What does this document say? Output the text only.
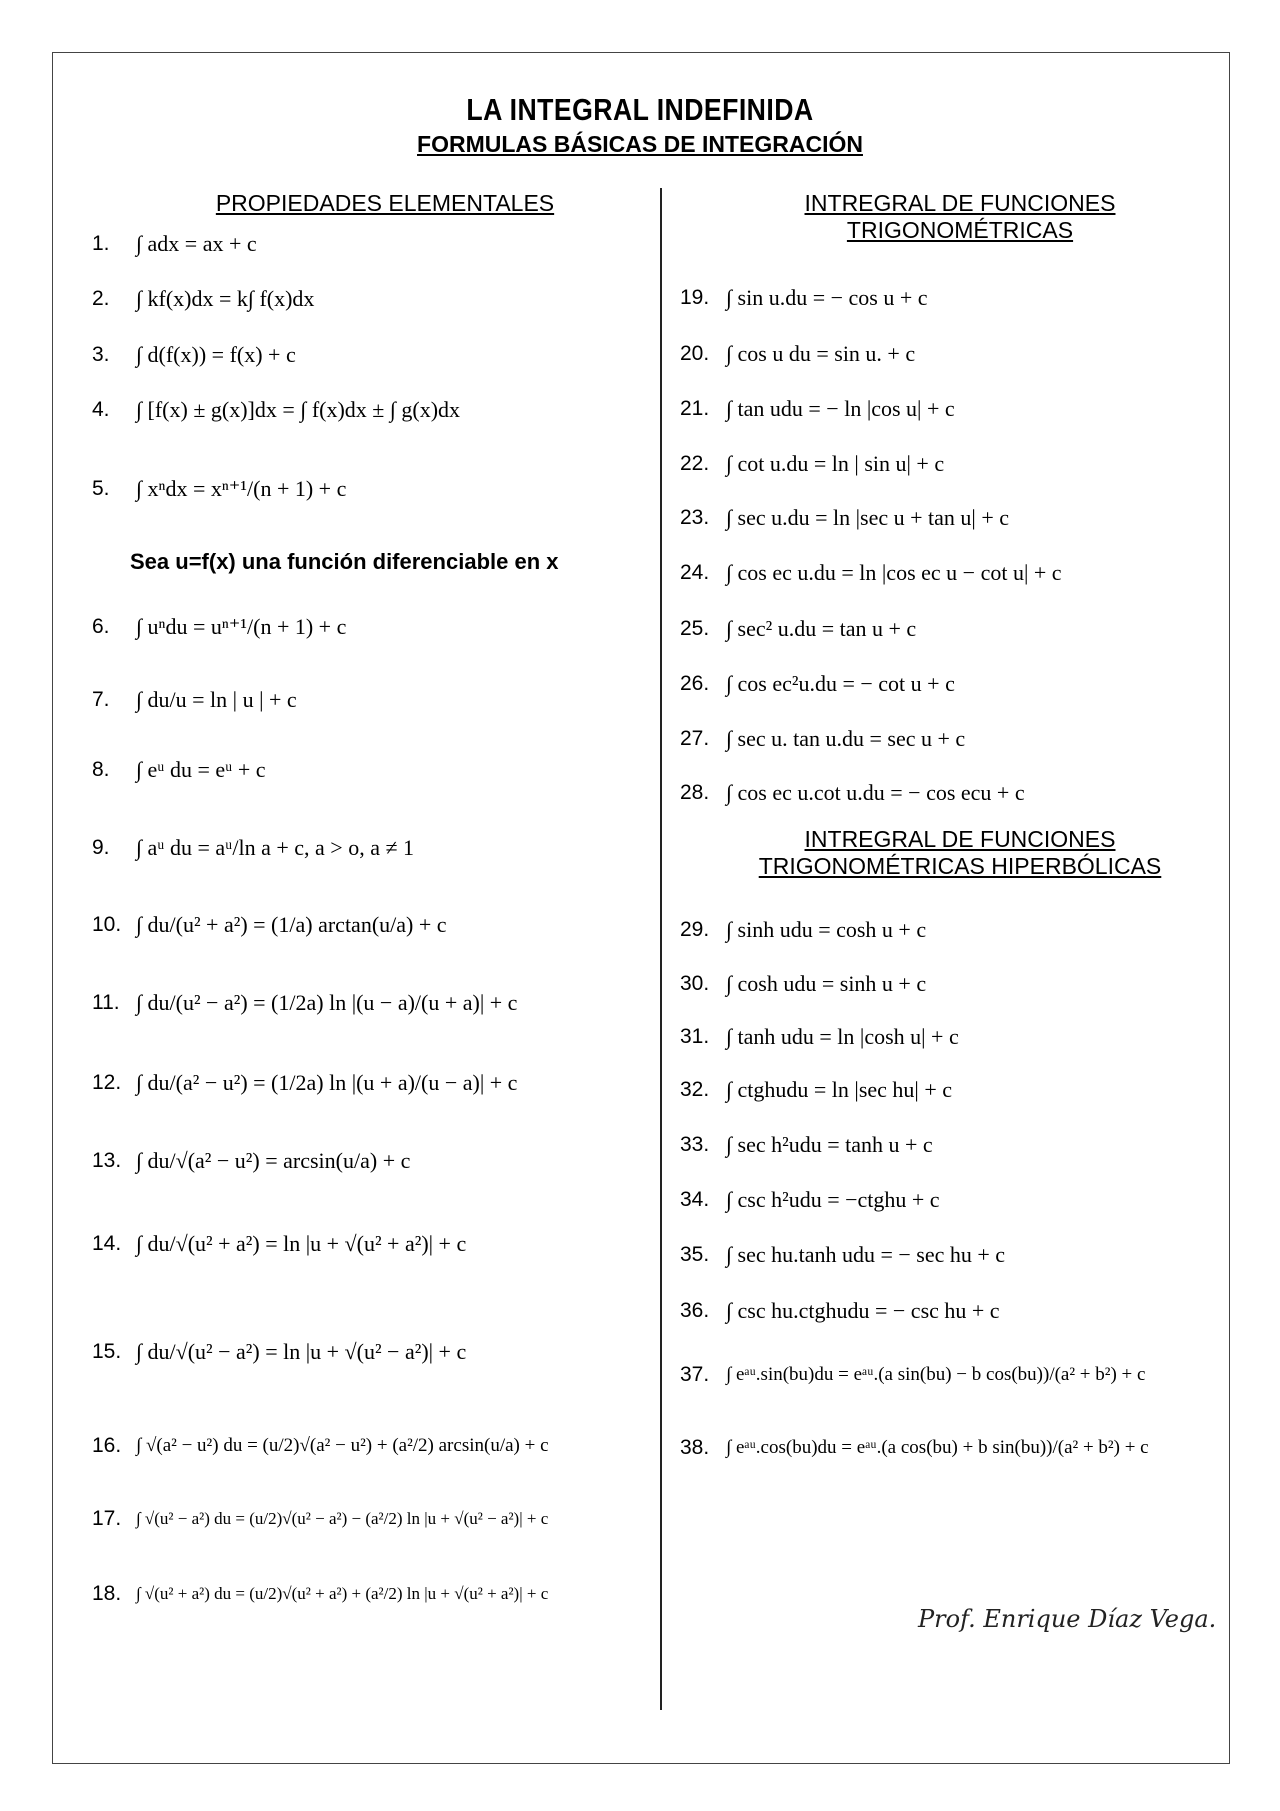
LA INTEGRAL INDEFINIDA
FORMULAS BÁSICAS DE INTEGRACIÓN
PROPIEDADES ELEMENTALES	INTREGRAL DE FUNCIONES
TRIGONOMÉTRICAS
INTREGRAL DE FUNCIONES
TRIGONOMÉTRICAS HIPERBÓLICAS
Sea u=f(x) una función diferenciable en x
1.	∫ adx = ax + c
2.	∫ kf(x)dx = k∫ f(x)dx
3.	∫ d(f(x)) = f(x) + c
4.	∫ [f(x) ± g(x)]dx = ∫ f(x)dx ± ∫ g(x)dx
5.	∫ xⁿdx = xⁿ⁺¹/(n + 1) + c
6.	∫ uⁿdu = uⁿ⁺¹/(n + 1) + c
7.	∫ du/u = ln | u | + c
8.	∫ eᵘ du = eᵘ + c
9.	∫ aᵘ du = aᵘ/ln a + c, a > o, a ≠ 1
10. ∫ du/(u² + a²) = (1/a) arctan(u/a) + c
11. ∫ du/(u² − a²) = (1/2a) ln |(u − a)/(u + a)| + c
12. ∫ du/(a² − u²) = (1/2a) ln |(u + a)/(u − a)| + c
13. ∫ du/√(a² − u²) = arcsin(u/a) + c
14. ∫ du/√(u² + a²) = ln |u + √(u² + a²)| + c
15. ∫ du/√(u² − a²) = ln |u + √(u² − a²)| + c
16. ∫ √(a² − u²) du = (u/2)√(a² − u²) + (a²/2) arcsin(u/a) + c
17. ∫ √(u² − a²) du = (u/2)√(u² − a²) − (a²/2) ln |u + √(u² − a²)| + c
18. ∫ √(u² + a²) du = (u/2)√(u² + a²) + (a²/2) ln |u + √(u² + a²)| + c
19. ∫ sin u.du = − cos u + c
20. ∫ cos u du = sin u. + c
21. ∫ tan udu = − ln |cos u| + c
22. ∫ cot u.du = ln | sin u| + c
23. ∫ sec u.du = ln |sec u + tan u| + c
24. ∫ cos ec u.du = ln |cos ec u − cot u| + c
25. ∫ sec² u.du = tan u + c
26. ∫ cos ec²u.du = − cot u + c
27. ∫ sec u. tan u.du = sec u + c
28. ∫ cos ec u.cot u.du = − cos ecu + c
29. ∫ sinh udu = cosh u + c
30. ∫ cosh udu = sinh u + c
31. ∫ tanh udu = ln |cosh u| + c
32. ∫ ctghudu = ln |sec hu| + c
33. ∫ sec h²udu = tanh u + c
34. ∫ csc h²udu = −ctghu + c
35. ∫ sec hu.tanh udu = − sec hu + c
36. ∫ csc hu.ctghudu = − csc hu + c
37. ∫ eᵃᵘ.sin(bu)du = eᵃᵘ.(a sin(bu) − b cos(bu))/(a² + b²) + c
38. ∫ eᵃᵘ.cos(bu)du = eᵃᵘ.(a cos(bu) + b sin(bu))/(a² + b²) + c
Prof. Enrique Díaz Vega.
